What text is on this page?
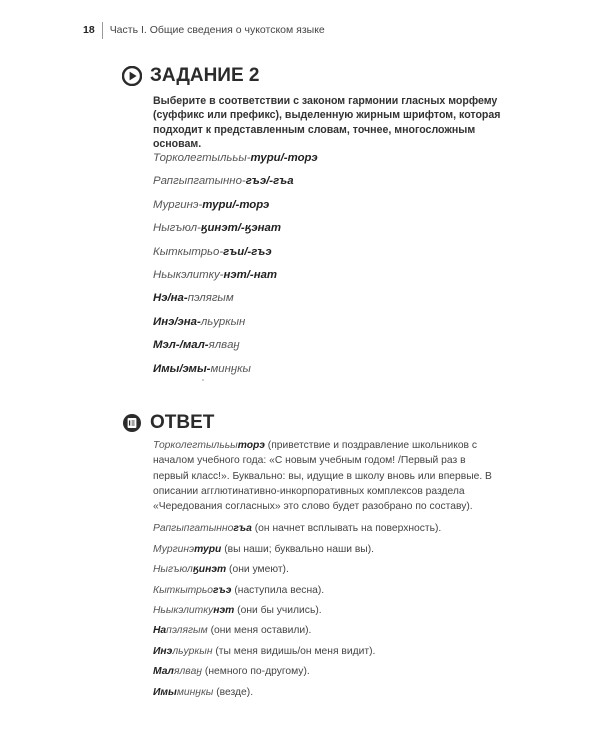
18	Часть I. Общие сведения о чукотском языке
ЗАДАНИЕ 2
Выберите в соответствии с законом гармонии гласных морфему (суффикс или префикс), выделенную жирным шрифтом, которая подходит к представленным словам, точнее, многосложным основам.
Торколегтылььы-тури/-торэ
Рапгыпгатынно-гъэ/-гъа
Мургинэ-тури/-торэ
Ныгъюл-ӄинэт/-ӄэнат
Кыткытрьо-гъи/-гъэ
Ньыкэлитку-нэт/-нат
Нэ/на-пэлягым
Инэ/эна-льуркын
Мэл-/мал-ялвaӈ
Имы/эмы-минӈкы
ОТВЕТ

Торколегтылььыторэ (приветствие и поздравление школьников с началом учебного года: «С новым учебным годом! /Первый раз в первый класс!». Буквально: вы, идущие в школу вновь или впервые. В описании агглютинативно-инкорпоративных комплексов раздела «Чередования согласных» это слово будет разобрано по составу).

Рапгыпгатынногъа (он начнет всплывать на поверхность).

Мургинэтури (вы наши; буквально наши вы).

Ныгъюлӄинэт (они умеют).

Кыткытрьогъэ (наступила весна).

Ньыкэлиткунэт (они бы учились).

Напэлягым (они меня оставили).

Инэльуркын (ты меня видишь/он меня видит).

Малялвaӈ (немного по-другому).

Имыминӈкы (везде).
